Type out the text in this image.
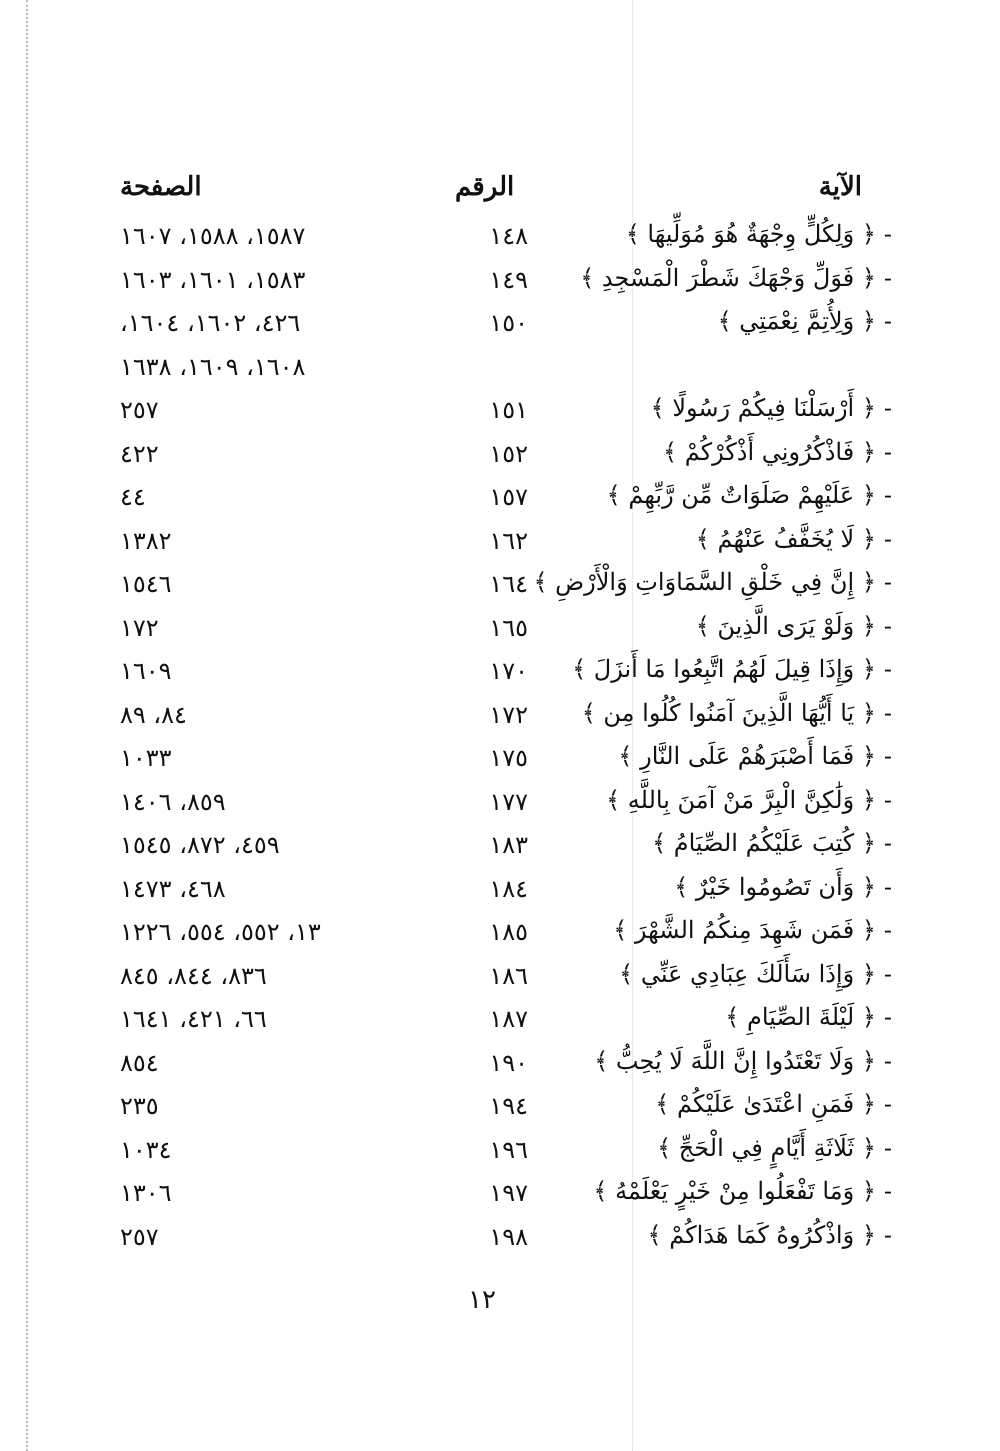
الآية
الرقم
الصفحة
-﴿ وَلِكُلٍّ وِجْهَةٌ هُوَ مُوَلِّيهَا ﴾
١٤٨
١٥٨٧، ١٥٨٨، ١٦٠٧
-﴿ فَوَلِّ وَجْهَكَ شَطْرَ الْمَسْجِدِ ﴾
١٤٩
١٥٨٣، ١٦٠١، ١٦٠٣
-﴿ وَلِأُتِمَّ نِعْمَتِي ﴾
١٥٠
٤٢٦، ١٦٠٢، ١٦٠٤،
١٦٠٨، ١٦٠٩، ١٦٣٨
-﴿ أَرْسَلْنَا فِيكُمْ رَسُولًا ﴾
١٥١
٢٥٧
-﴿ فَاذْكُرُونِي أَذْكُرْكُمْ ﴾
١٥٢
٤٢٢
-﴿ عَلَيْهِمْ صَلَوَاتٌ مِّن رَّبِّهِمْ ﴾
١٥٧
٤٤
-﴿ لَا يُخَفَّفُ عَنْهُمُ ﴾
١٦٢
١٣٨٢
-﴿ إِنَّ فِي خَلْقِ السَّمَاوَاتِ وَالْأَرْضِ ﴾
١٦٤
١٥٤٦
-﴿ وَلَوْ يَرَى الَّذِينَ ﴾
١٦٥
١٧٢
-﴿ وَإِذَا قِيلَ لَهُمُ اتَّبِعُوا مَا أَنزَلَ ﴾
١٧٠
١٦٠٩
-﴿ يَا أَيُّهَا الَّذِينَ آمَنُوا كُلُوا مِن ﴾
١٧٢
٨٤، ٨٩
-﴿ فَمَا أَصْبَرَهُمْ عَلَى النَّارِ ﴾
١٧٥
١٠٣٣
-﴿ وَلَٰكِنَّ الْبِرَّ مَنْ آمَنَ بِاللَّهِ ﴾
١٧٧
٨٥٩، ١٤٠٦
-﴿ كُتِبَ عَلَيْكُمُ الصِّيَامُ ﴾
١٨٣
٤٥٩، ٨٧٢، ١٥٤٥
-﴿ وَأَن تَصُومُوا خَيْرٌ ﴾
١٨٤
٤٦٨، ١٤٧٣
-﴿ فَمَن شَهِدَ مِنكُمُ الشَّهْرَ ﴾
١٨٥
١٣، ٥٥٢، ٥٥٤، ١٢٢٦
-﴿ وَإِذَا سَأَلَكَ عِبَادِي عَنِّي ﴾
١٨٦
٨٣٦، ٨٤٤، ٨٤٥
-﴿ لَيْلَةَ الصِّيَامِ ﴾
١٨٧
٦٦، ٤٢١، ١٦٤١
-﴿ وَلَا تَعْتَدُوا إِنَّ اللَّهَ لَا يُحِبُّ ﴾
١٩٠
٨٥٤
-﴿ فَمَنِ اعْتَدَىٰ عَلَيْكُمْ ﴾
١٩٤
٢٣٥
-﴿ ثَلَاثَةِ أَيَّامٍ فِي الْحَجِّ ﴾
١٩٦
١٠٣٤
-﴿ وَمَا تَفْعَلُوا مِنْ خَيْرٍ يَعْلَمْهُ ﴾
١٩٧
١٣٠٦
-﴿ وَاذْكُرُوهُ كَمَا هَدَاكُمْ ﴾
١٩٨
٢٥٧
١٢
